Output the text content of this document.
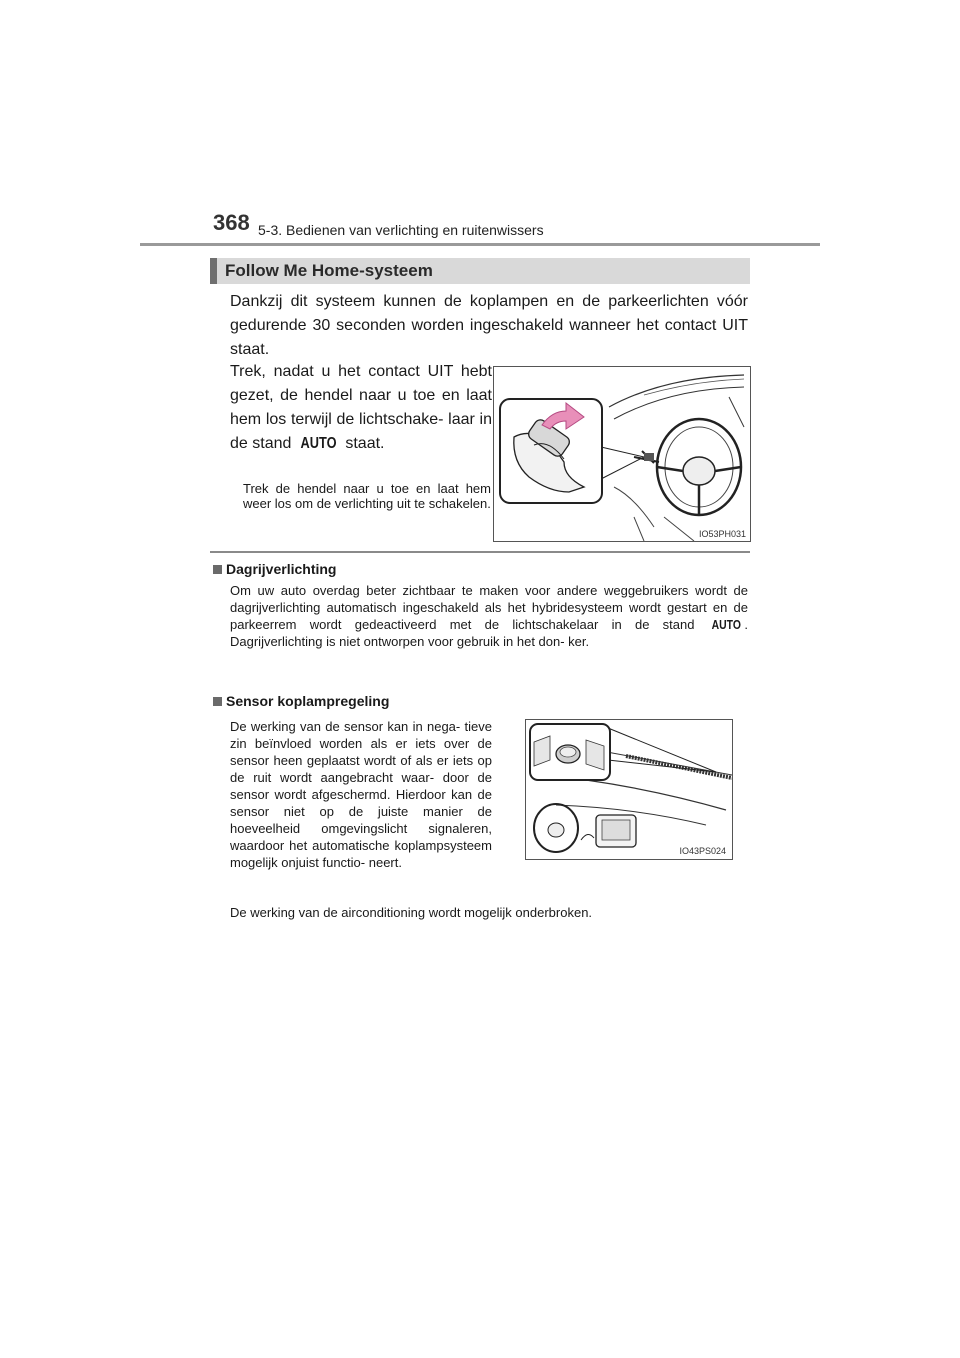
368 5-3. Bedienen van verlichting en ruitenwissers
Follow Me Home-systeem
Dankzij dit systeem kunnen de koplampen en de parkeerlichten vóór gedurende 30 seconden worden ingeschakeld wanneer het contact UIT staat.
Trek, nadat u het contact UIT hebt gezet, de hendel naar u toe en laat hem los terwijl de lichtschake- laar in de stand AUTO staat.
Trek de hendel naar u toe en laat hem weer los om de verlichting uit te schakelen.
IO53PH031
Dagrijverlichting
Om uw auto overdag beter zichtbaar te maken voor andere weggebruikers wordt de dagrijverlichting automatisch ingeschakeld als het hybridesysteem wordt gestart en de parkeerrem wordt gedeactiveerd met de lichtschakelaar in de stand AUTO . Dagrijverlichting is niet ontworpen voor gebruik in het don- ker.
Sensor koplampregeling
De werking van de sensor kan in nega- tieve zin beïnvloed worden als er iets over de sensor heen geplaatst wordt of als er iets op de ruit wordt aangebracht waar- door de sensor wordt afgeschermd. Hierdoor kan de sensor niet op de juiste manier de hoeveelheid omgevingslicht signaleren, waardoor het automatische koplampsysteem mogelijk onjuist functio- neert.
IO43PS024
De werking van de airconditioning wordt mogelijk onderbroken.
